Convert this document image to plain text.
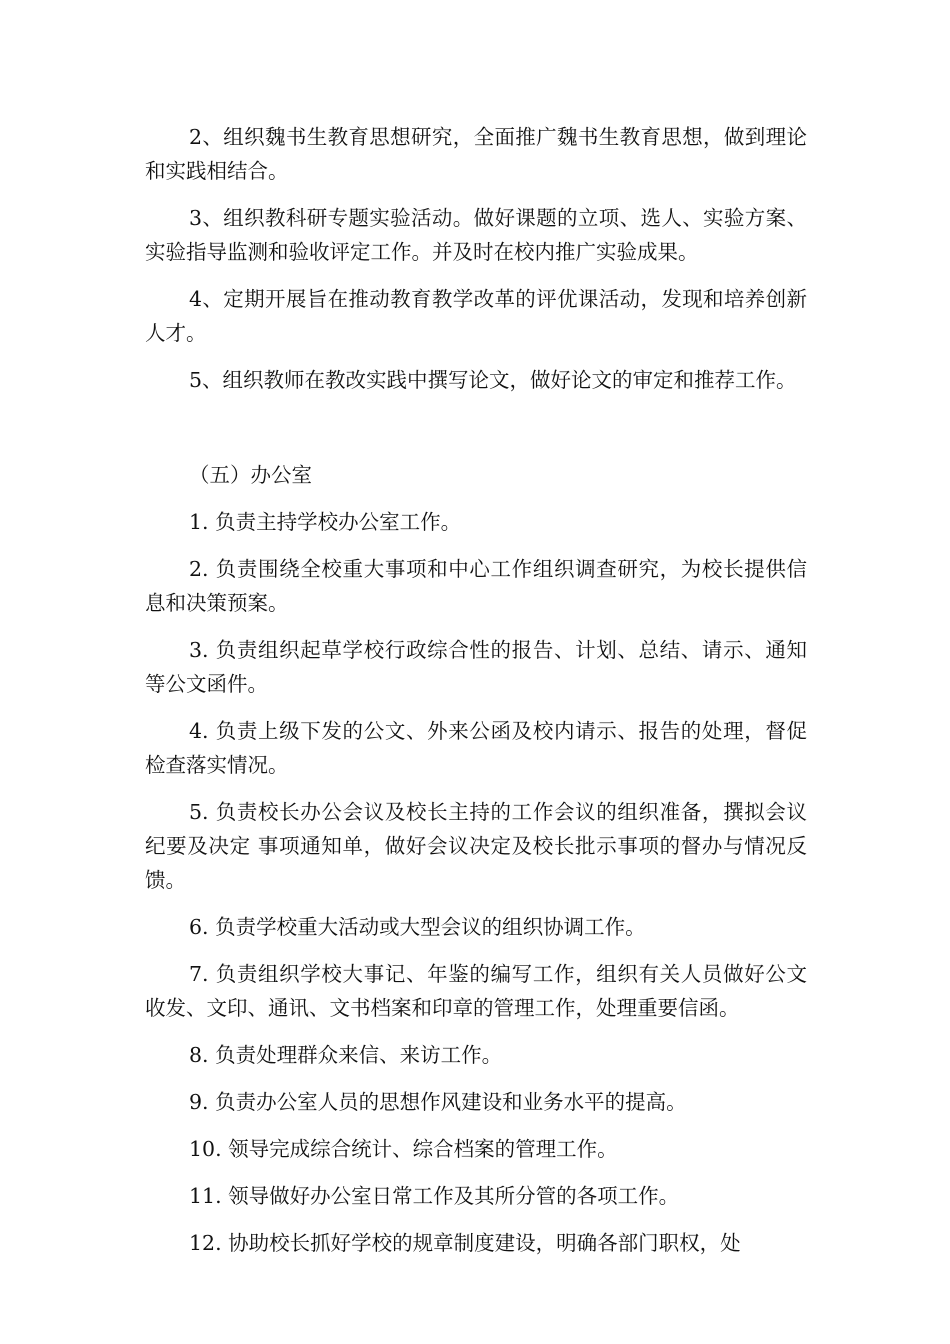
2、组织魏书生教育思想研究，全面推广魏书生教育思想，做到理论和实践相结合。

3、组织教科研专题实验活动。做好课题的立项、选人、实验方案、实验指导监测和验收评定工作。并及时在校内推广实验成果。

4、定期开展旨在推动教育教学改革的评优课活动，发现和培养创新人才。

5、组织教师在教改实践中撰写论文，做好论文的审定和推荐工作。

（五）办公室

1. 负责主持学校办公室工作。

2. 负责围绕全校重大事项和中心工作组织调查研究，为校长提供信息和决策预案。

3. 负责组织起草学校行政综合性的报告、计划、总结、请示、通知等公文函件。

4. 负责上级下发的公文、外来公函及校内请示、报告的处理，督促检查落实情况。

5. 负责校长办公会议及校长主持的工作会议的组织准备，撰拟会议纪要及决定 事项通知单，做好会议决定及校长批示事项的督办与情况反馈。

6. 负责学校重大活动或大型会议的组织协调工作。

7. 负责组织学校大事记、年鉴的编写工作，组织有关人员做好公文收发、文印、通讯、文书档案和印章的管理工作，处理重要信函。

8. 负责处理群众来信、来访工作。

9. 负责办公室人员的思想作风建设和业务水平的提高。

10. 领导完成综合统计、综合档案的管理工作。

11. 领导做好办公室日常工作及其所分管的各项工作。

12. 协助校长抓好学校的规章制度建设，明确各部门职权，处
